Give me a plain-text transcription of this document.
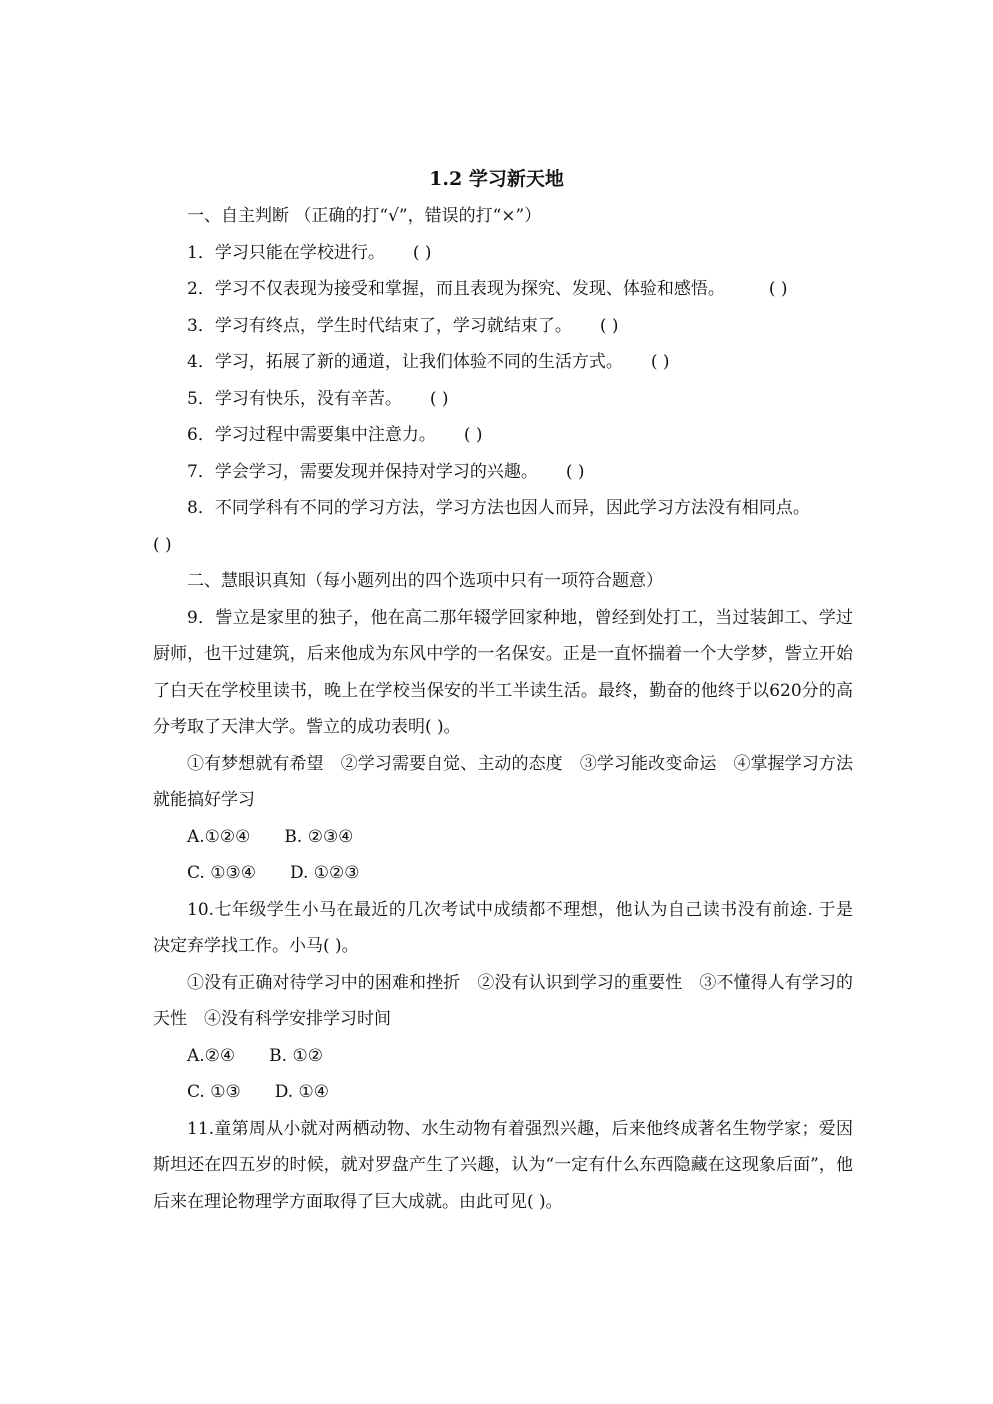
1.2 学习新天地

一、自主判断 （正确的打“√”，错误的打“×”）

1．学习只能在学校进行。 ( )

2．学习不仅表现为接受和掌握，而且表现为探究、发现、体验和感悟。	( )

3．学习有终点，学生时代结束了，学习就结束了。 ( )

4．学习，拓展了新的通道，让我们体验不同的生活方式。 ( )

5．学习有快乐，没有辛苦。 ( )

6．学习过程中需要集中注意力。 ( )

7．学会学习，需要发现并保持对学习的兴趣。 ( )

8．不同学科有不同的学习方法，学习方法也因人而异，因此学习方法没有相同点。

( )

二、慧眼识真知（每小题列出的四个选项中只有一项符合题意）

9．訾立是家里的独子，他在高二那年辍学回家种地，曾经到处打工，当过装卸工、学过厨师，也干过建筑，后来他成为东风中学的一名保安。正是一直怀揣着一个大学梦，訾立开始了白天在学校里读书，晚上在学校当保安的半工半读生活。最终，勤奋的他终于以620分的高分考取了天津大学。訾立的成功表明( )。

①有梦想就有希望　②学习需要自觉、主动的态度　③学习能改变命运　④掌握学习方法就能搞好学习

A.①②④ B. ②③④

C. ①③④ D. ①②③

10.七年级学生小马在最近的几次考试中成绩都不理想，他认为自己读书没有前途. 于是决定弃学找工作。小马( )。

①没有正确对待学习中的困难和挫折　②没有认识到学习的重要性　③不懂得人有学习的天性　④没有科学安排学习时间

A.②④ B. ①②

C. ①③ D. ①④

11.童第周从小就对两栖动物、水生动物有着强烈兴趣，后来他终成著名生物学家；爱因斯坦还在四五岁的时候，就对罗盘产生了兴趣，认为“一定有什么东西隐藏在这现象后面”，他后来在理论物理学方面取得了巨大成就。由此可见( )。
